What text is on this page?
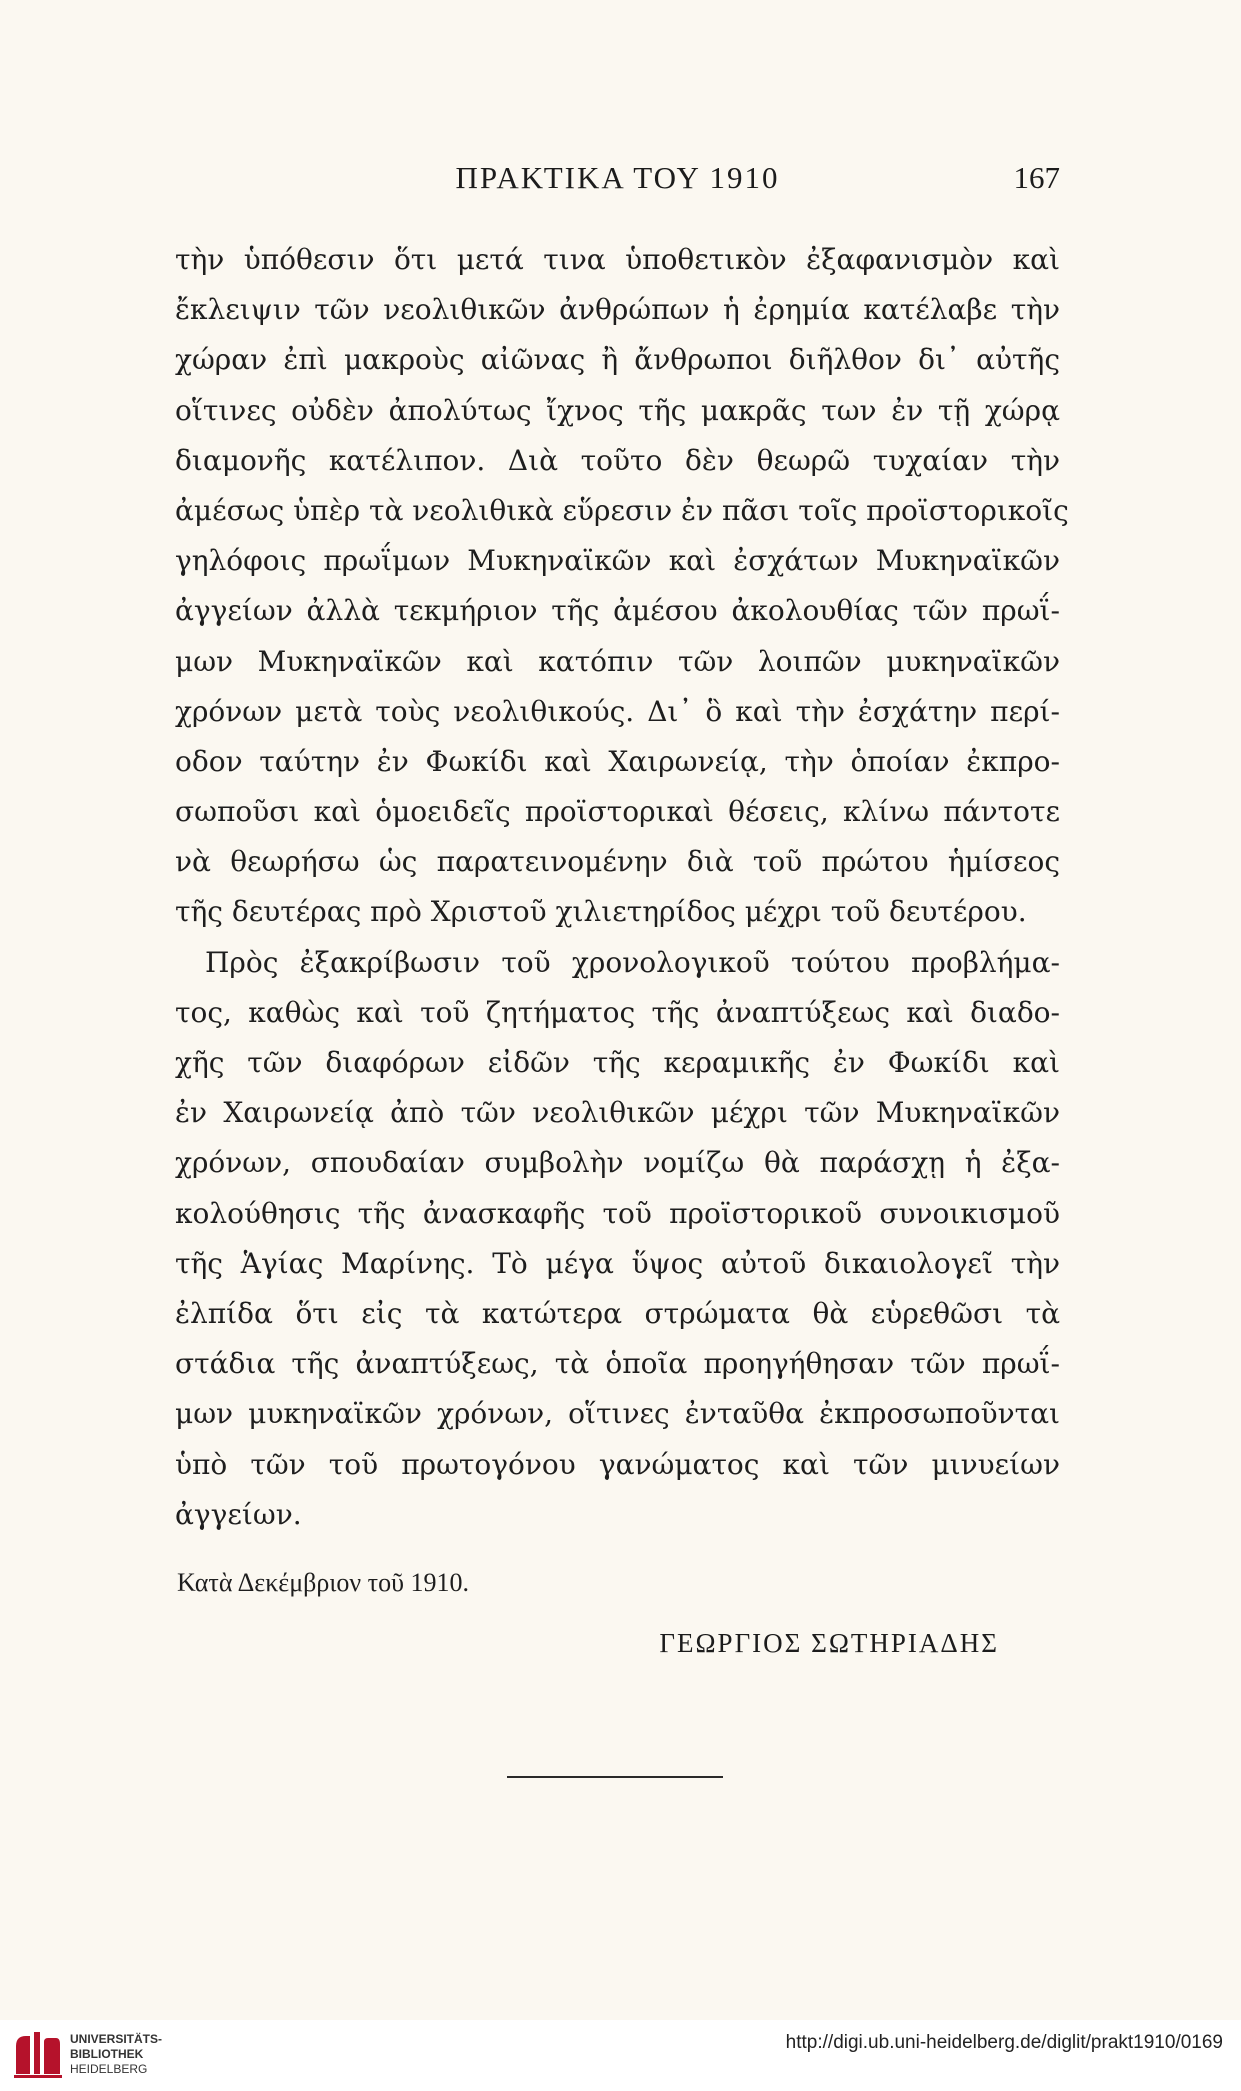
ΠΡΑΚΤΙΚΑ ΤΟΥ 1910	167
τὴν ὑπόθεσιν ὅτι μετά τινα ὑποθετικὸν ἐξαφανισμὸν καὶ
ἔκλειψιν τῶν νεολιθικῶν ἀνθρώπων ἡ ἐρημία κατέλαβε τὴν
χώραν ἐπὶ μακροὺς αἰῶνας ἢ ἄνθρωποι διῆλθον δι᾽ αὐτῆς
οἵτινες οὐδὲν ἀπολύτως ἴχνος τῆς μακρᾶς των ἐν τῇ χώρᾳ
διαμονῆς κατέλιπον. Διὰ τοῦτο δὲν θεωρῶ τυχαίαν τὴν
ἀμέσως ὑπὲρ τὰ νεολιθικὰ εὕρεσιν ἐν πᾶσι τοῖς προϊστορικοῖς
γηλόφοις πρωΐμων Μυκηναϊκῶν καὶ ἐσχάτων Μυκηναϊκῶν
ἀγγείων ἀλλὰ τεκμήριον τῆς ἀμέσου ἀκολουθίας τῶν πρωΐ-
μων Μυκηναϊκῶν καὶ κατόπιν τῶν λοιπῶν μυκηναϊκῶν
χρόνων μετὰ τοὺς νεολιθικούς. Δι᾽ ὃ καὶ τὴν ἐσχάτην περί-
οδον ταύτην ἐν Φωκίδι καὶ Χαιρωνείᾳ, τὴν ὁποίαν ἐκπρο-
σωποῦσι καὶ ὁμοειδεῖς προϊστορικαὶ θέσεις, κλίνω πάντοτε
νὰ θεωρήσω ὡς παρατεινομένην διὰ τοῦ πρώτου ἡμίσεος
τῆς δευτέρας πρὸ Χριστοῦ χιλιετηρίδος μέχρι τοῦ δευτέρου.
Πρὸς ἐξακρίβωσιν τοῦ χρονολογικοῦ τούτου προβλήμα-
τος, καθὼς καὶ τοῦ ζητήματος τῆς ἀναπτύξεως καὶ διαδο-
χῆς τῶν διαφόρων εἰδῶν τῆς κεραμικῆς ἐν Φωκίδι καὶ
ἐν Χαιρωνείᾳ ἀπὸ τῶν νεολιθικῶν μέχρι τῶν Μυκηναϊκῶν
χρόνων, σπουδαίαν συμβολὴν νομίζω θὰ παράσχῃ ἡ ἐξα-
κολούθησις τῆς ἀνασκαφῆς τοῦ προϊστορικοῦ συνοικισμοῦ
τῆς Ἁγίας Μαρίνης. Τὸ μέγα ὕψος αὐτοῦ δικαιολογεῖ τὴν
ἐλπίδα ὅτι εἰς τὰ κατώτερα στρώματα θὰ εὑρεθῶσι τὰ
στάδια τῆς ἀναπτύξεως, τὰ ὁποῖα προηγήθησαν τῶν πρωΐ-
μων μυκηναϊκῶν χρόνων, οἵτινες ἐνταῦθα ἐκπροσωποῦνται
ὑπὸ τῶν τοῦ πρωτογόνου γανώματος καὶ τῶν μινυείων
ἀγγείων.
Κατὰ Δεκέμβριον τοῦ 1910.
ΓΕΩΡΓΙΟΣ ΣΩΤΗΡΙΑΔΗΣ
UNIVERSITÄTS-
BIBLIOTHEK
HEIDELBERG
http://digi.ub.uni-heidelberg.de/diglit/prakt1910/0169
